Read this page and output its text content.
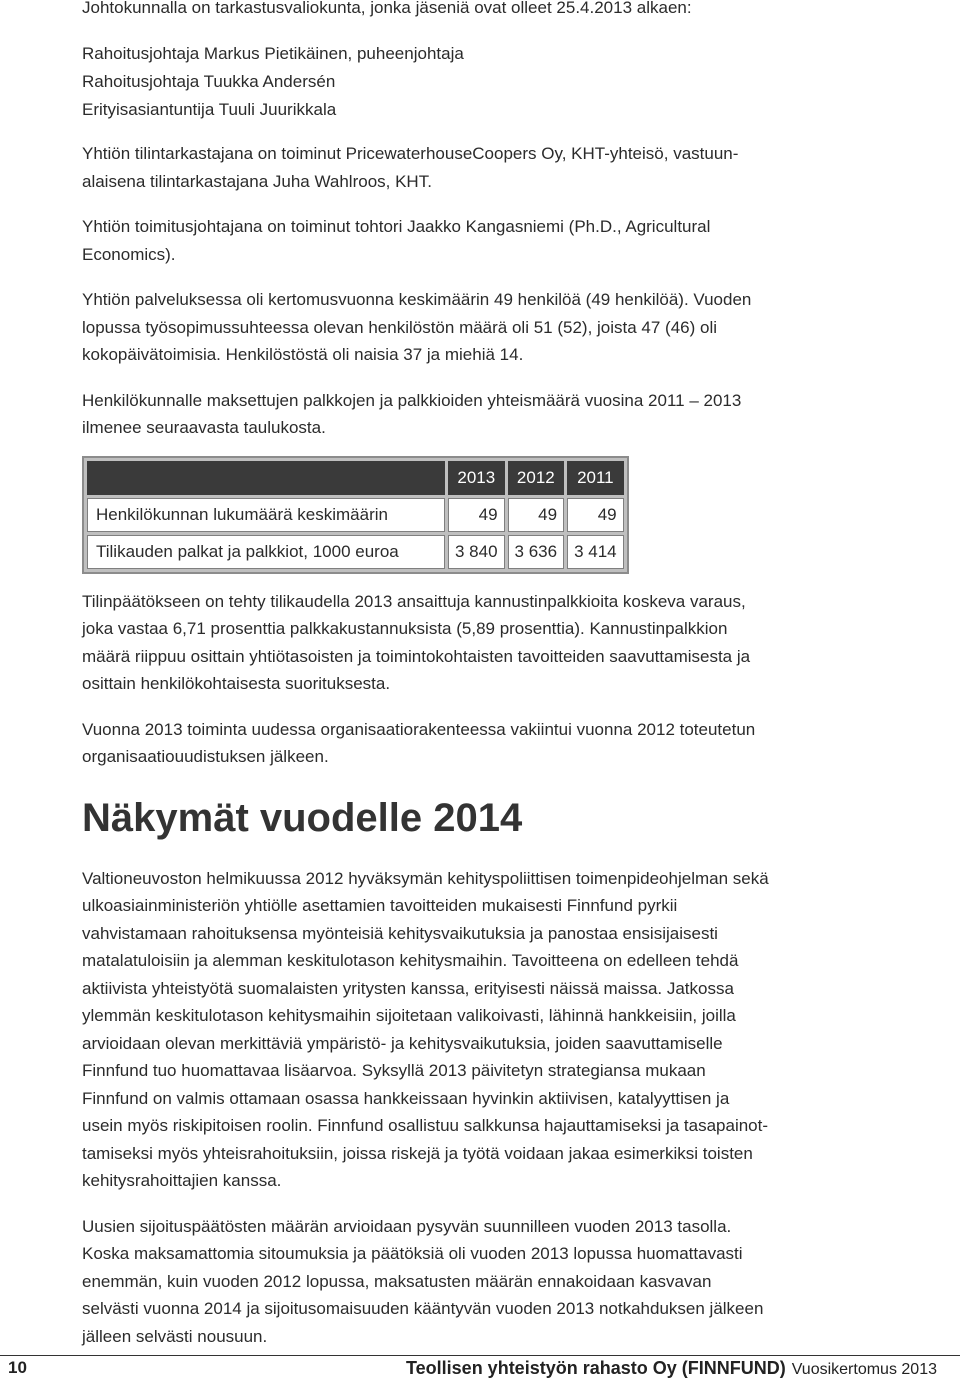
Johtokunnalla on tarkastusvaliokunta, jonka jäseniä ovat olleet 25.4.2013 alkaen:

Rahoitusjohtaja Markus Pietikäinen, puheenjohtaja

Rahoitusjohtaja Tuukka Andersén

Erityisasiantuntija Tuuli Juurikkala

Yhtiön tilintarkastajana on toiminut PricewaterhouseCoopers Oy, KHT-yhteisö, vastuun-

alaisena tilintarkastajana Juha Wahlroos, KHT.

Yhtiön toimitusjohtajana on toiminut tohtori Jaakko Kangasniemi (Ph.D., Agricultural

Economics).

Yhtiön palveluksessa oli kertomusvuonna keskimäärin 49 henkilöä (49 henkilöä). Vuoden

lopussa työsopimussuhteessa olevan henkilöstön määrä oli 51 (52), joista 47 (46) oli

kokopäivätoimisia. Henkilöstöstä oli naisia 37 ja miehiä 14.

Henkilökunnalle maksettujen palkkojen ja palkkioiden yhteismäärä vuosina 2011 – 2013

ilmenee seuraavasta taulukosta.

	2013	2012	2011
Henkilökunnan lukumäärä keskimäärin	49	49	49
Tilikauden palkat ja palkkiot, 1000 euroa	3 840	3 636	3 414

Tilinpäätökseen on tehty tilikaudella 2013 ansaittuja kannustinpalkkioita koskeva varaus,

joka vastaa 6,71 prosenttia palkkakustannuksista (5,89 prosenttia). Kannustinpalkkion

määrä riippuu osittain yhtiötasoisten ja toimintokohtaisten tavoitteiden saavuttamisesta ja

osittain henkilökohtaisesta suorituksesta.

Vuonna 2013 toiminta uudessa organisaatiorakenteessa vakiintui vuonna 2012 toteutetun

organisaatiouudistuksen jälkeen.

Näkymät vuodelle 2014

Valtioneuvoston helmikuussa 2012 hyväksymän kehityspoliittisen toimenpideohjelman sekä

ulkoasiainministeriön yhtiölle asettamien tavoitteiden mukaisesti Finnfund pyrkii

vahvistamaan rahoituksensa myönteisiä kehitysvaikutuksia ja panostaa ensisijaisesti

matalatuloisiin ja alemman keskitulotason kehitysmaihin. Tavoitteena on edelleen tehdä

aktiivista yhteistyötä suomalaisten yritysten kanssa, erityisesti näissä maissa. Jatkossa

ylemmän keskitulotason kehitysmaihin sijoitetaan valikoivasti, lähinnä hankkeisiin, joilla

arvioidaan olevan merkittäviä ympäristö- ja kehitysvaikutuksia, joiden saavuttamiselle

Finnfund tuo huomattavaa lisäarvoa. Syksyllä 2013 päivitetyn strategiansa mukaan

Finnfund on valmis ottamaan osassa hankkeissaan hyvinkin aktiivisen, katalyyttisen ja

usein myös riskipitoisen roolin. Finnfund osallistuu salkkunsa hajauttamiseksi ja tasapainot-

tamiseksi myös yhteisrahoituksiin, joissa riskejä ja työtä voidaan jakaa esimerkiksi toisten

kehitysrahoittajien kanssa.

Uusien sijoituspäätösten määrän arvioidaan pysyvän suunnilleen vuoden 2013 tasolla.

Koska maksamattomia sitoumuksia ja päätöksiä oli vuoden 2013 lopussa huomattavasti

enemmän, kuin vuoden 2012 lopussa, maksatusten määrän ennakoidaan kasvavan

selvästi vuonna 2014 ja sijoitusomaisuuden kääntyvän vuoden 2013 notkahduksen jälkeen

jälleen selvästi nousuun.

10	Teollisen yhteistyön rahasto Oy (FINNFUND) Vuosikertomus 2013
